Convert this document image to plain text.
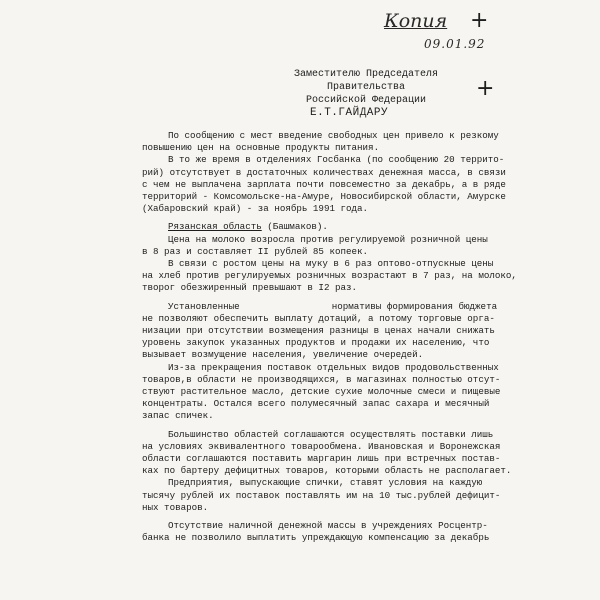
Копия
09.01.92
+
+
Заместителю Председателя Правительства
Российской Федерации
Е.Т.ГАЙДАРУ
По сообщению с мест введение свободных цен привело к резкому
повышению цен на основные продукты питания.
В то же время в отделениях Госбанка (по сообщению 20 террито-
рий) отсутствует в достаточных количествах денежная масса, в связи
с чем не выплачена зарплата почти повсеместно за декабрь, а в ряде
территорий - Комсомольске-на-Амуре, Новосибирской области, Амурске
(Хабаровский край) - за ноябрь 1991 года.
Рязанская область (Башмаков).
Цена на молоко возросла против регулируемой розничной цены
в 8 раз и составляет II рублей 85 копеек.
В связи с ростом цены на муку в 6 раз оптово-отпускные цены
на хлеб против регулируемых розничных возрастают в 7 раз, на молоко,
творог обезжиренный превышают в I2 раз.
Установленные	нормативы формирования бюджета
не позволяют обеспечить выплату дотаций, а потому торговые орга-
низации при отсутствии возмещения разницы в ценах начали снижать
уровень закупок указанных продуктов и продажи их населению, что
вызывает возмущение населения, увеличение очередей.
Из-за прекращения поставок отдельных видов продовольственных
товаров,в области не производящихся, в магазинах полностью отсут-
ствуют растительное масло, детские сухие молочные смеси и пищевые
концентраты. Остался всего полумесячный запас сахара и месячный
запас спичек.
Большинство областей соглашаются осуществлять поставки лишь
на условиях эквивалентного товарообмена. Ивановская и Воронежская
области соглашаются поставить маргарин лишь при встречных постав-
ках по бартеру дефицитных товаров, которыми область не располагает.
Предприятия, выпускающие спички, ставят условия на каждую
тысячу рублей их поставок поставлять им на 10 тыс.рублей дефицит-
ных товаров.
Отсутствие наличной денежной массы в учреждениях Росцентр-
банка не позволило выплатить упреждающую компенсацию за декабрь
